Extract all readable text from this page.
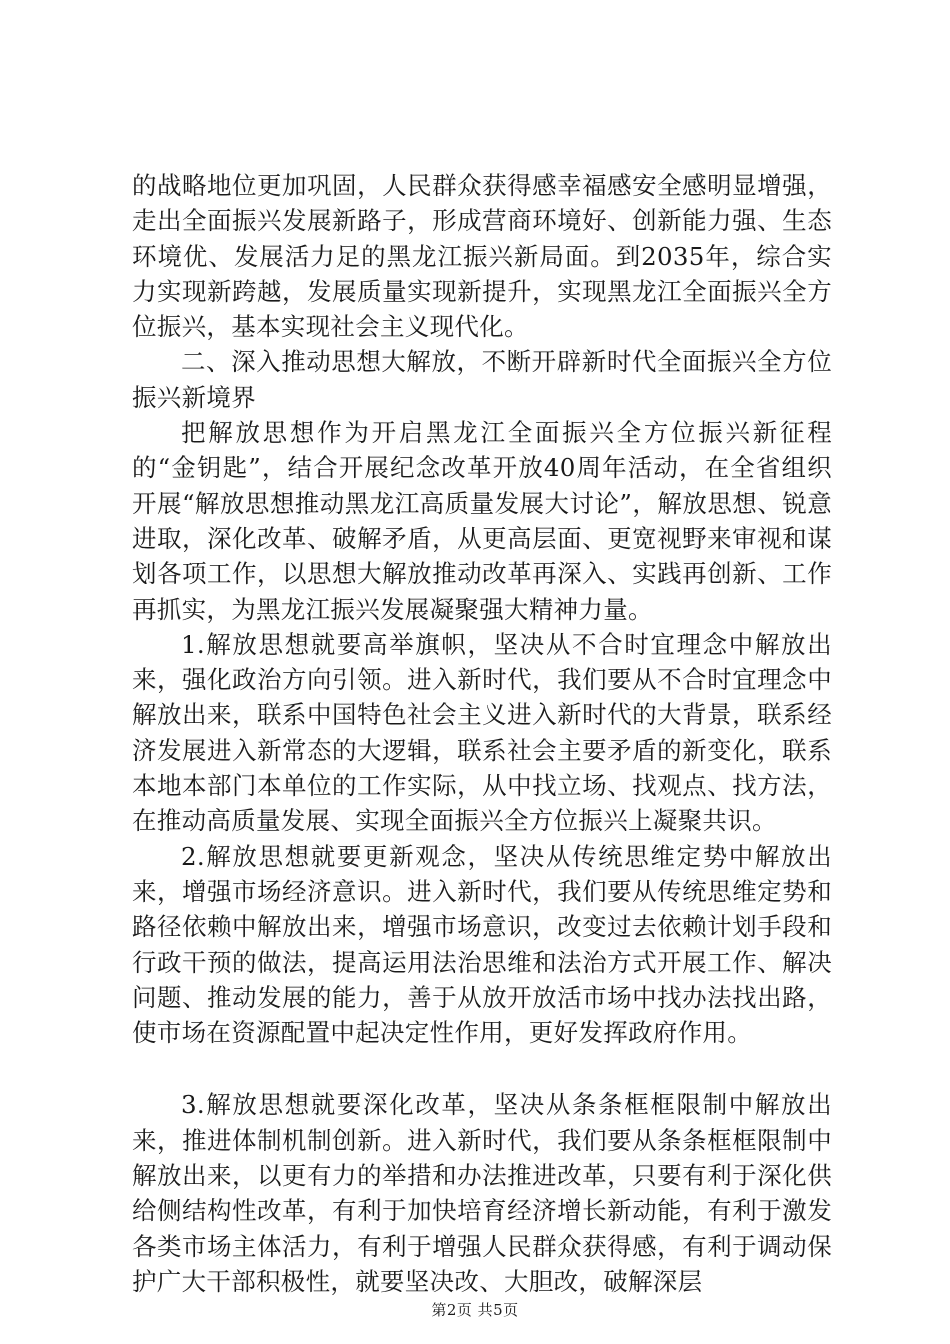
的战略地位更加巩固，人民群众获得感幸福感安全感明显增强，走出全面振兴发展新路子，形成营商环境好、创新能力强、生态环境优、发展活力足的黑龙江振兴新局面。到2035年，综合实力实现新跨越，发展质量实现新提升，实现黑龙江全面振兴全方位振兴，基本实现社会主义现代化。

二、深入推动思想大解放，不断开辟新时代全面振兴全方位振兴新境界

把解放思想作为开启黑龙江全面振兴全方位振兴新征程的“金钥匙”，结合开展纪念改革开放40周年活动，在全省组织开展“解放思想推动黑龙江高质量发展大讨论”，解放思想、锐意进取，深化改革、破解矛盾，从更高层面、更宽视野来审视和谋划各项工作，以思想大解放推动改革再深入、实践再创新、工作再抓实，为黑龙江振兴发展凝聚强大精神力量。

1.解放思想就要高举旗帜，坚决从不合时宜理念中解放出来，强化政治方向引领。进入新时代，我们要从不合时宜理念中解放出来，联系中国特色社会主义进入新时代的大背景，联系经济发展进入新常态的大逻辑，联系社会主要矛盾的新变化，联系本地本部门本单位的工作实际，从中找立场、找观点、找方法，在推动高质量发展、实现全面振兴全方位振兴上凝聚共识。

2.解放思想就要更新观念，坚决从传统思维定势中解放出来，增强市场经济意识。进入新时代，我们要从传统思维定势和路径依赖中解放出来，增强市场意识，改变过去依赖计划手段和行政干预的做法，提高运用法治思维和法治方式开展工作、解决问题、推动发展的能力，善于从放开放活市场中找办法找出路，使市场在资源配置中起决定性作用，更好发挥政府作用。

3.解放思想就要深化改革，坚决从条条框框限制中解放出来，推进体制机制创新。进入新时代，我们要从条条框框限制中解放出来，以更有力的举措和办法推进改革，只要有利于深化供给侧结构性改革，有利于加快培育经济增长新动能，有利于激发各类市场主体活力，有利于增强人民群众获得感，有利于调动保护广大干部积极性，就要坚决改、大胆改，破解深层

第2页 共5页
